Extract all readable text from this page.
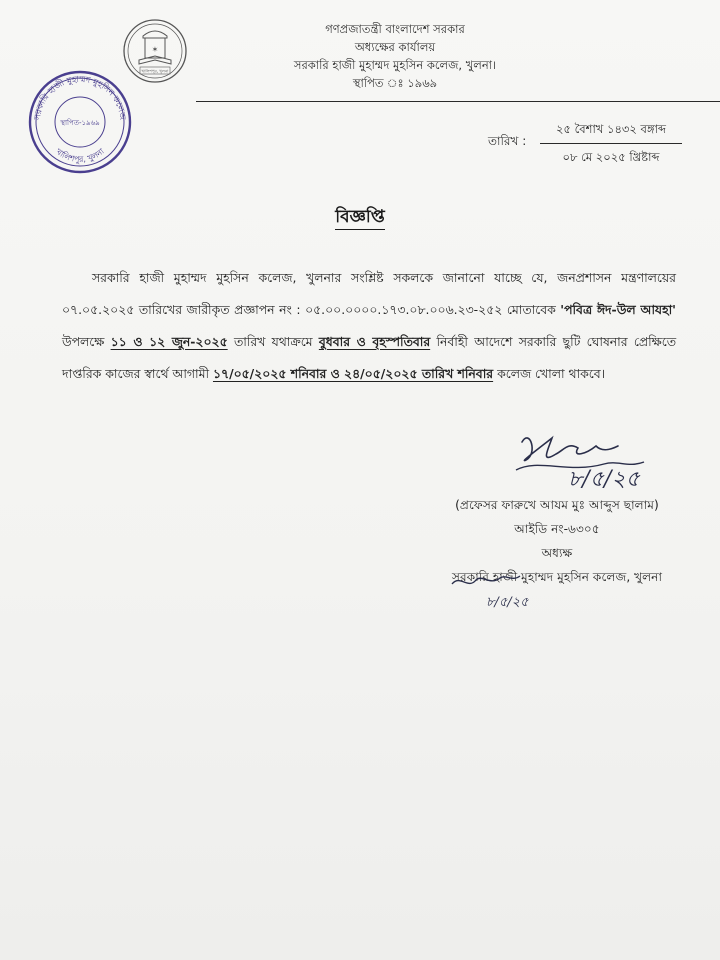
✶
খালিশপুর, খুলনা
গণপ্রজাতন্ত্রী বাংলাদেশ সরকার
অধ্যক্ষের কার্যালয়
সরকারি হাজী মুহাম্মদ মুহসিন কলেজ, খুলনা।
স্থাপিত ঃ ১৯৬৯
সরকারি হাজী মুহাম্মদ মুহসিন কলেজ
খালিশপুর, খুলনা
স্থাপিত-১৯৬৯
তারিখ :
২৫ বৈশাখ ১৪৩২ বঙ্গাব্দ
০৮ মে ২০২৫ খ্রিষ্টাব্দ
বিজ্ঞপ্তি
সরকারি হাজী মুহাম্মদ মুহসিন কলেজ, খুলনার সংশ্লিষ্ট সকলকে জানানো যাচ্ছে যে, জনপ্রশাসন মন্ত্রণালয়ের ০৭.০৫.২০২৫ তারিখের জারীকৃত প্রজ্ঞাপন নং : ০৫.০০.০০০০.১৭৩.০৮.০০৬.২৩-২৫২ মোতাবেক 'পবিত্র ঈদ-উল আযহা' উপলক্ষে ১১ ও ১২ জুন-২০২৫ তারিখ যথাক্রমে বুধবার ও বৃহস্পতিবার নির্বাহী আদেশে সরকারি ছুটি ঘোষনার প্রেক্ষিতে দাপ্তরিক কাজের স্বার্থে আগামী ১৭/০৫/২০২৫ শনিবার ও ২৪/০৫/২০২৫ তারিখ শনিবার কলেজ খোলা থাকবে।
৮/৫/২৫
(প্রফেসর ফারুখে আযম মুঃ আব্দুস ছালাম)
আইডি নং-৬৩০৫
অধ্যক্ষ
সরকারি হাজী মুহাম্মদ মুহসিন কলেজ, খুলনা
৮/৫/২৫
